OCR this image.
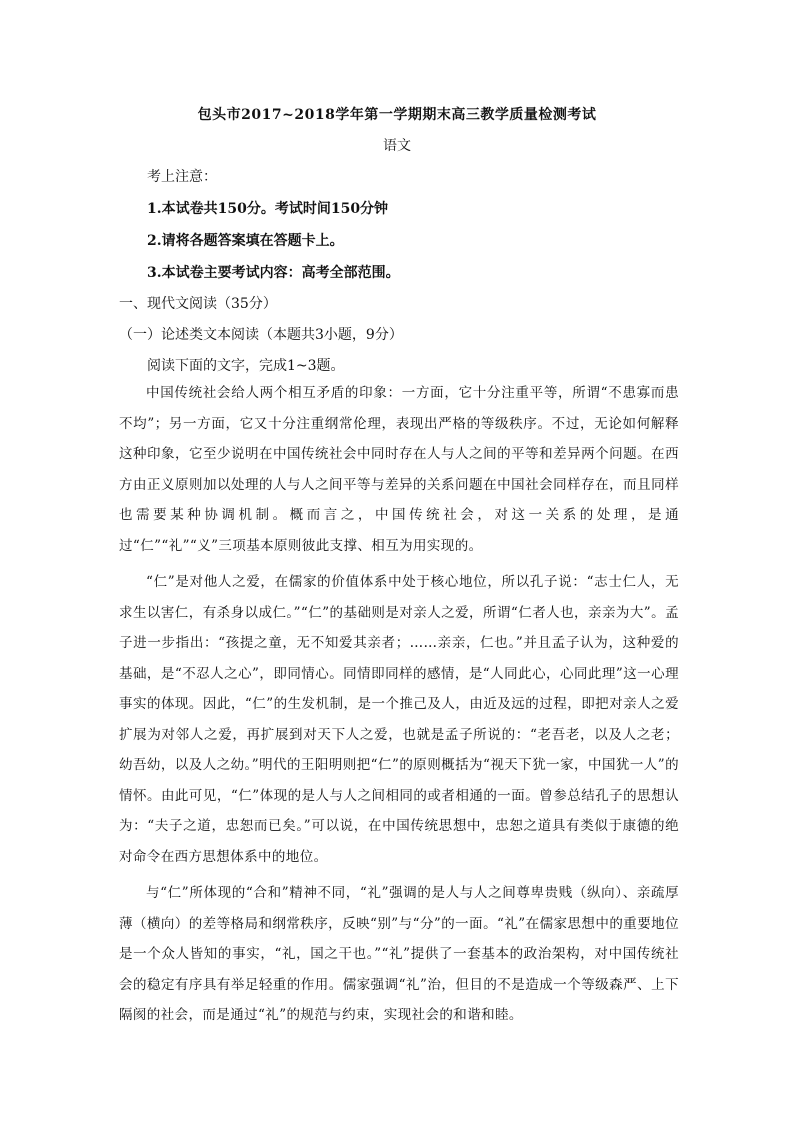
包头市2017~2018学年第一学期期末高三教学质量检测考试
语文
考上注意：
1.本试卷共150分。考试时间150分钟
2.请将各题答案填在答题卡上。
3.本试卷主要考试内容：高考全部范围。
一、现代文阅读（35分）
（一）论述类文本阅读（本题共3小题，9分）
阅读下面的文字，完成1~3题。

中国传统社会给人两个相互矛盾的印象：一方面，它十分注重平等，所谓“不患寡而患不均”；另一方面，它又十分注重纲常伦理，表现出严格的等级秩序。不过，无论如何解释这种印象，它至少说明在中国传统社会中同时存在人与人之间的平等和差异两个问题。在西方由正义原则加以处理的人与人之间平等与差异的关系问题在中国社会同样存在，而且同样也需要某种协调机制。概而言之，中国传统社会，对这一关系的处理，是通过“仁”“礼”“义”三项基本原则彼此支撑、相互为用实现的。

“仁”是对他人之爱，在儒家的价值体系中处于核心地位，所以孔子说：“志士仁人，无求生以害仁，有杀身以成仁。”“仁”的基础则是对亲人之爱，所谓“仁者人也，亲亲为大”。孟子进一步指出：“孩提之童，无不知爱其亲者；……亲亲，仁也。”并且孟子认为，这种爱的基础，是“不忍人之心”，即同情心。同情即同样的感情，是“人同此心，心同此理”这一心理事实的体现。因此，“仁”的生发机制，是一个推己及人，由近及远的过程，即把对亲人之爱扩展为对邻人之爱，再扩展到对天下人之爱，也就是孟子所说的：“老吾老，以及人之老；幼吾幼，以及人之幼。”明代的王阳明则把“仁”的原则概括为“视天下犹一家，中国犹一人”的情怀。由此可见，“仁”体现的是人与人之间相同的或者相通的一面。曾参总结孔子的思想认为：“夫子之道，忠恕而已矣。”可以说，在中国传统思想中，忠恕之道具有类似于康德的绝对命令在西方思想体系中的地位。

与“仁”所体现的“合和”精神不同，“礼”强调的是人与人之间尊卑贵贱（纵向）、亲疏厚薄（横向）的差等格局和纲常秩序，反映“别”与“分”的一面。“礼”在儒家思想中的重要地位是一个众人皆知的事实，“礼，国之干也。”“礼”提供了一套基本的政治架构，对中国传统社会的稳定有序具有举足轻重的作用。儒家强调“礼”治，但目的不是造成一个等级森严、上下隔阂的社会，而是通过“礼”的规范与约束，实现社会的和谐和睦。
